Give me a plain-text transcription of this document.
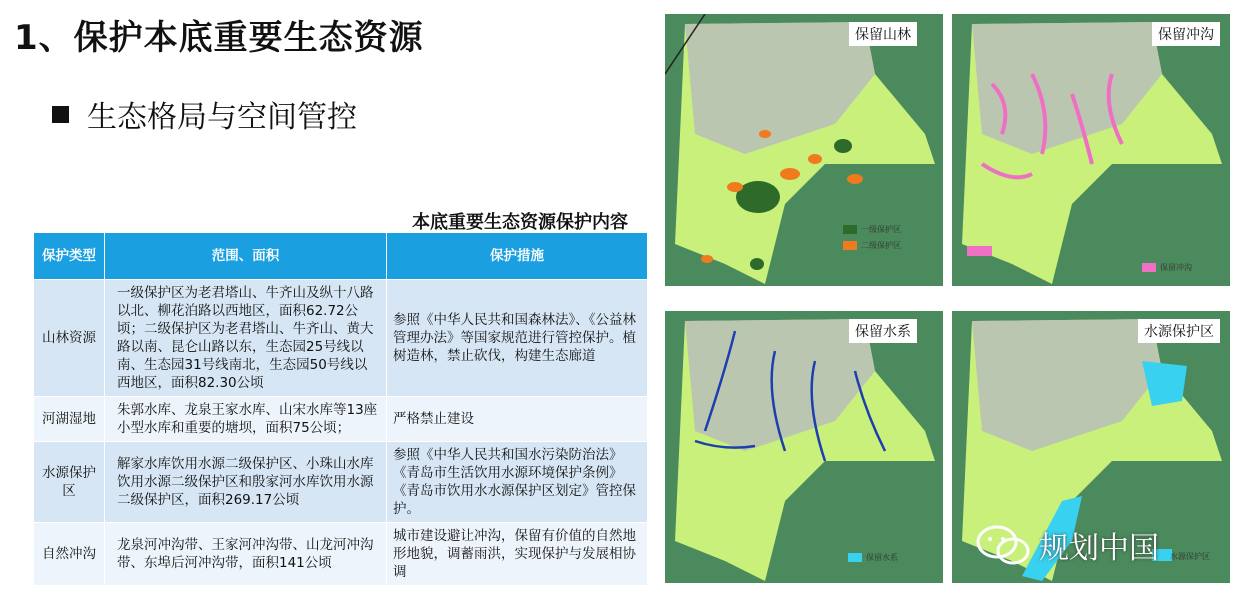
1、保护本底重要生态资源
生态格局与空间管控
本底重要生态资源保护内容
保护类型	范围、面积	保护措施
山林资源	一级保护区为老君塔山、牛齐山及纵十八路以北、柳花泊路以西地区，面积62.72公顷；二级保护区为老君塔山、牛齐山、黄大路以南、昆仑山路以东，生态园25号线以南、生态园31号线南北，生态园50号线以西地区，面积82.30公顷	参照《中华人民共和国森林法》、《公益林管理办法》等国家规范进行管控保护。植树造林，禁止砍伐，构建生态廊道
河湖湿地	朱郭水库、龙泉王家水库、山宋水库等13座小型水库和重要的塘坝，面积75公顷；	严格禁止建设
水源保护区	解家水库饮用水源二级保护区、小珠山水库饮用水源二级保护区和殷家河水库饮用水源二级保护区，面积269.17公顷	参照《中华人民共和国水污染防治法》《青岛市生活饮用水源环境保护条例》《青岛市饮用水水源保护区划定》管控保护。
自然冲沟	龙泉河冲沟带、王家河冲沟带、山龙河冲沟带、东埠后河冲沟带，面积141公顷	城市建设避让冲沟，保留有价值的自然地形地貌，调蓄雨洪，实现保护与发展相协调
保留山林
一级保护区
二级保护区
保留冲沟
保留冲沟
保留水系
保留水系
水源保护区
水源保护区
规划中国
